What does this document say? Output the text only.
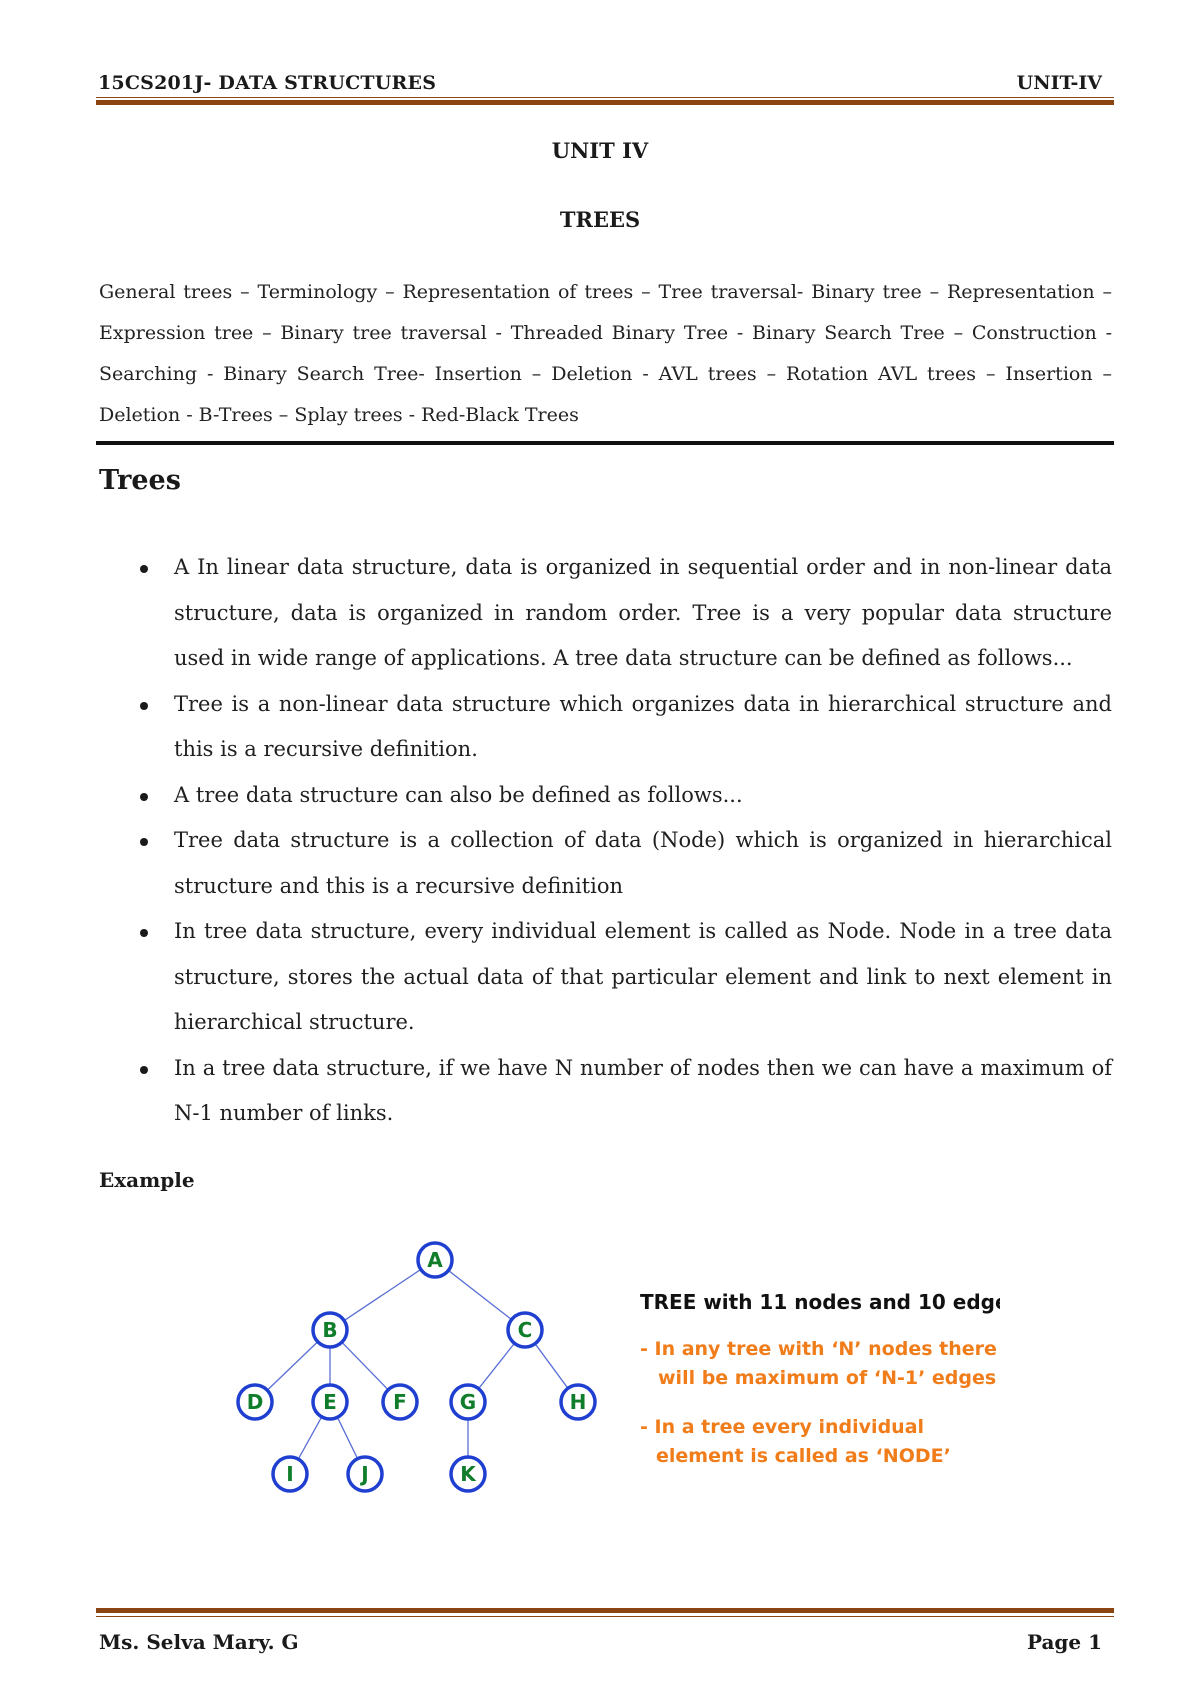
15CS201J- DATA STRUCTURES	UNIT-IV
UNIT IV
TREES
General trees – Terminology – Representation of trees – Tree traversal- Binary tree – Representation –
Expression tree – Binary tree traversal - Threaded Binary Tree - Binary Search Tree – Construction -
Searching - Binary Search Tree- Insertion – Deletion - AVL trees – Rotation AVL trees – Insertion –
Deletion - B-Trees – Splay trees - Red-Black Trees
Trees
A In linear data structure, data is organized in sequential order and in non-linear data structure, data is organized in random order. Tree is a very popular data structure used in wide range of applications. A tree data structure can be defined as follows...
Tree is a non-linear data structure which organizes data in hierarchical structure and this is a recursive definition.
A tree data structure can also be defined as follows...
Tree data structure is a collection of data (Node) which is organized in hierarchical structure and this is a recursive definition
In tree data structure, every individual element is called as Node. Node in a tree data structure, stores the actual data of that particular element and link to next element in hierarchical structure.
In a tree data structure, if we have N number of nodes then we can have a maximum of N-1 number of links.
Example
A
B	C
D	E	F	G	H
I	J	K
TREE with 11 nodes and 10 edges
- In any tree with ‘N’ nodes there
will be maximum of ‘N-1’ edges
- In a tree every individual
element is called as ‘NODE’
Ms. Selva Mary. G	Page 1
